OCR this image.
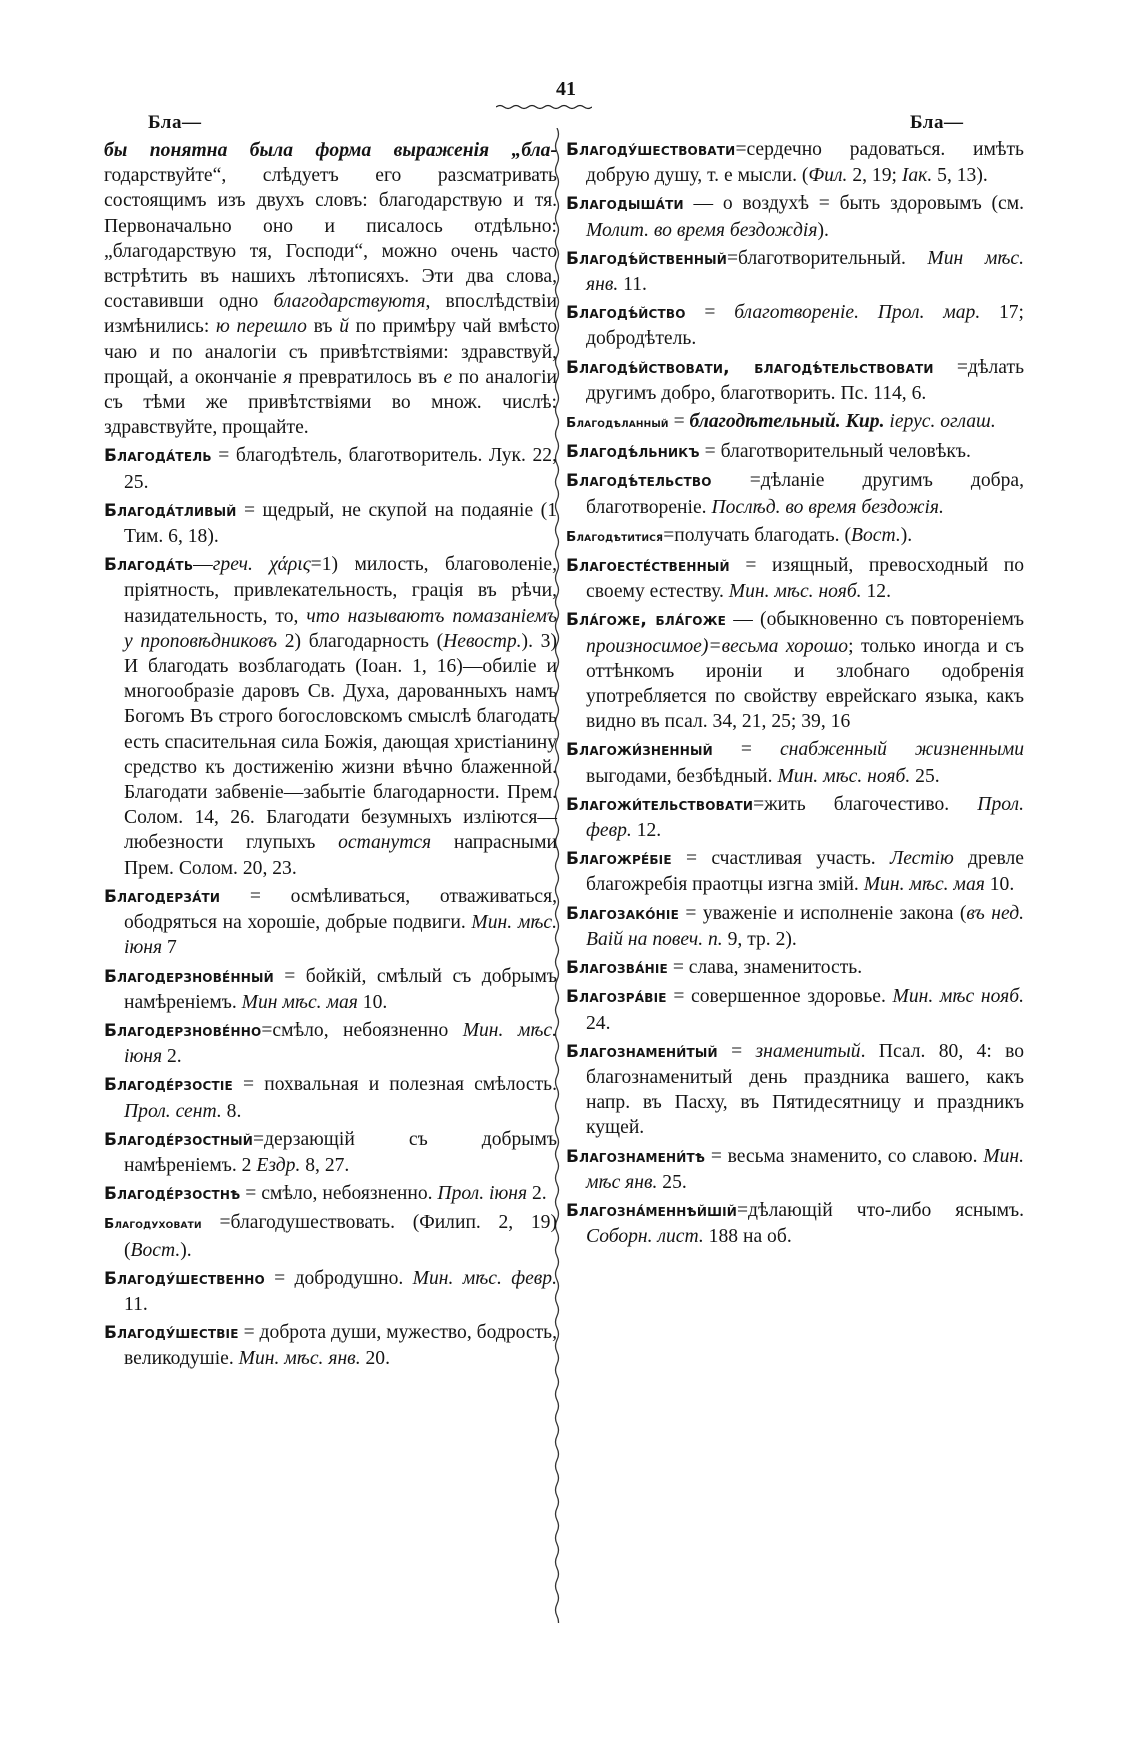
41
Бла—	Бла—

бы понятна была форма выраженія „бла- годарствуйте“, слѣдуетъ его разсматривать состоящимъ изъ двухъ словъ: благодарствую и тя. Первоначально оно и писалось отдѣльно: „благодарствую тя, Господи“, можно очень часто встрѣтить въ нашихъ лѣтописяхъ. Эти два слова, составивши одно благодарствуютя, впослѣдствіи измѣнились: ю перешло въ й по примѣру чай вмѣсто чаю и по аналогіи съ привѣтствіями: здравствуй, прощай, а окончаніе я превратилось въ е по аналогіи съ тѣми же привѣтствіями во множ. числѣ: здравствуйте, прощайте.

Благода́тель = благодѣтель, благотворитель. Лук. 22, 25.

Благода́тливый = щедрый, не скупой на подаяніе (1 Тим. 6, 18).

Благода́ть—греч. χάρις=1) милость, благоволеніе, пріятность, привлекательность, грація въ рѣчи, назидательность, то, что называютъ помазаніемъ у проповѣдниковъ 2) благодарность (Невостр.). 3) И благодать возблагодать (Іоан. 1, 16)—обиліе и многообразіе даровъ Св. Духа, дарованныхъ намъ Богомъ Въ строго богословскомъ смыслѣ благодать есть спасительная сила Божія, дающая христіанину средство къ достиженію жизни вѣчно блаженной. Благодати забвеніе—забытіе благодарности. Прем. Солом. 14, 26. Благодати безумныхъ излiются—любезности глупыхъ останутся напрасными Прем. Солом. 20, 23.

Благодерза́ти = осмѣливаться, отваживаться, ободряться на хорошіе, добрые подвиги. Мин. мѣс. іюня 7

Благодерзнове́нный = бойкій, смѣлый съ добрымъ намѣреніемъ. Мин мѣс. мая 10.

Благодерзнове́нно=смѣло, небоязненно Мин. мѣс. іюня 2.

Благоде́рзостіе = похвальная и полезная смѣлость. Прол. сент. 8.

Благоде́рзостный=дерзающій съ добрымъ намѣреніемъ. 2 Ездр. 8, 27.

Благоде́рзостнѣ = смѣло, небоязненно. Прол. іюня 2.

Благодуховати =благодушествовать. (Филип. 2, 19) (Вост.).

Благоду́шественно = добродушно. Мин. мѣс. февр. 11.

Благоду́шествіе = доброта души, мужество, бодрость, великодушіе. Мин. мѣс. янв. 20.

Благоду́шествовати=сердечно радоваться. имѣть добрую душу, т. е мысли. (Фил. 2, 19; Іак. 5, 13).

Благодыша́ти — о воздухѣ = быть здоровымъ (см. Молит. во время бездождія).

Благодѣ́йственный=благотворительный. Мин мѣс. янв. 11.

Благодѣ́йство = благотвореніе. Прол. мар. 17; добродѣтель.

Благодѣ́йствовати, благодѣ́тельствовати =дѣлать другимъ добро, благотворить. Пс. 114, 6.

Благодѣланный = благодѣтельный. Кир. іерус. оглаш.

Благодѣ́льникъ = благотворительный человѣкъ.

Благодѣ́тельство =дѣланіе другимъ добра, благотвореніе. Послѣд. во время бездожія.

Благодѣтитися=получать благодать. (Вост.).

Благоесте́ственный = изящный, превосходный по своему естеству. Мин. мѣс. нояб. 12.

Бла́гоже, бла́гоже — (обыкновенно съ повтореніемъ произносимое)=весьма хорошо; только иногда и съ оттѣнкомъ ироніи и злобнаго одобренія употребляется по свойству еврейскаго языка, какъ видно въ псал. 34, 21, 25; 39, 16

Благожи́зненный = снабженный жизненными выгодами, безбѣдный. Мин. мѣс. нояб. 25.

Благожи́тельствовати=жить благочестиво. Прол. февр. 12.

Благожре́біе = счастливая участь. Лестію древле благожребія праотцы изгна змій. Мин. мѣс. мая 10.

Благозако́ніе = уваженіе и исполненіе закона (въ нед. Ваій на повеч. п. 9, тр. 2).

Благозва́ніе = слава, знаменитость.

Благозра́віе = совершенное здоровье. Мин. мѣс нояб. 24.

Благознамени́тый = знаменитый. Псал. 80, 4: во благознаменитый день праздника вашего, какъ напр. въ Пасху, въ Пятидесятницу и праздникъ кущей.

Благознамени́тѣ = весьма знаменито, со славою. Мин. мѣс янв. 25.

Благозна́меннѣйшій=дѣлающій что-либо яснымъ. Соборн. лист. 188 на об.
